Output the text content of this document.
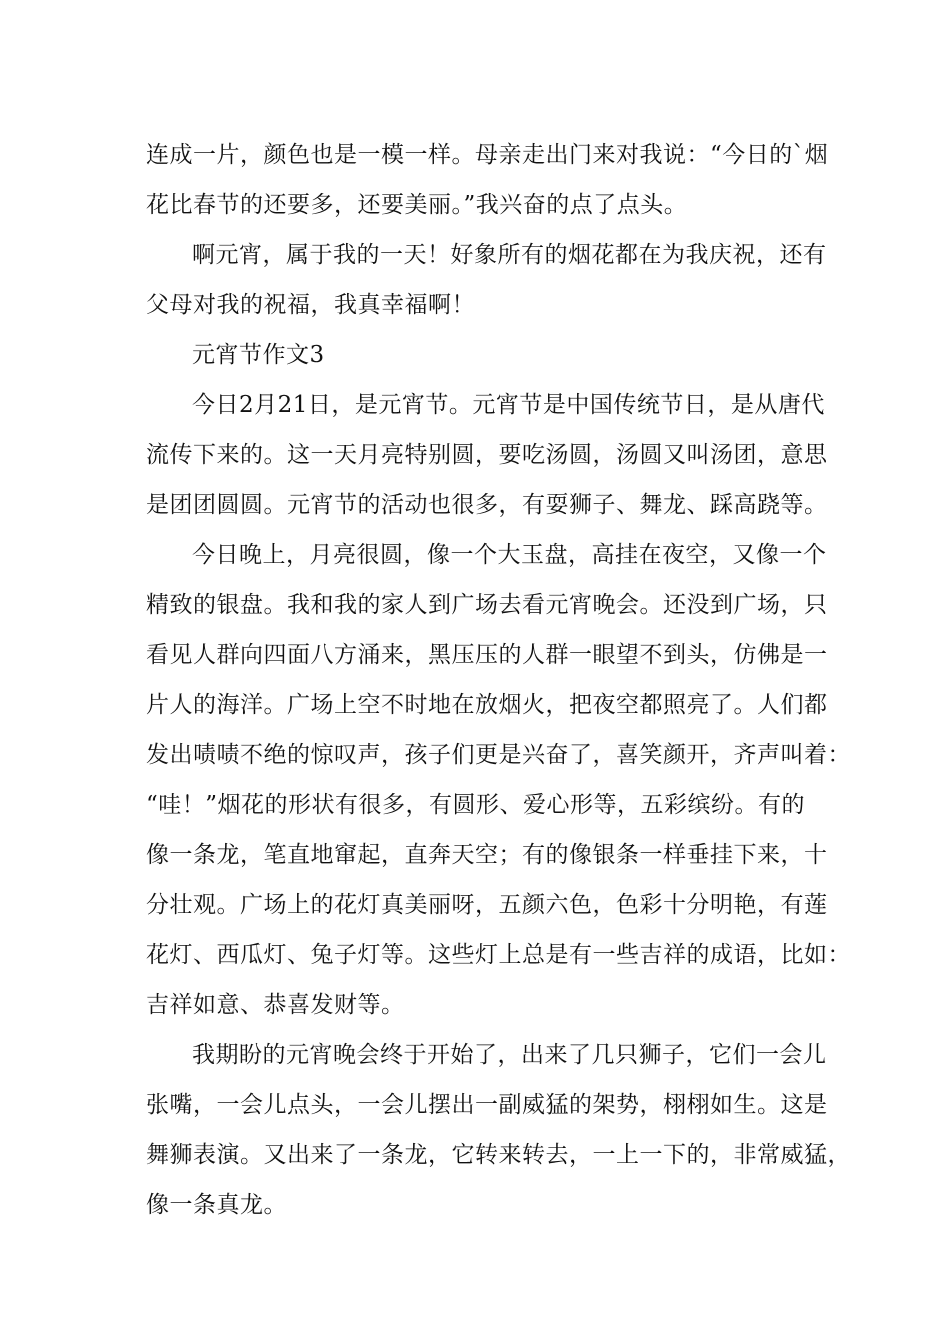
连成一片，颜色也是一模一样。母亲走出门来对我说：“今日的`烟
花比春节的还要多，还要美丽。”我兴奋的点了点头。

啊元宵，属于我的一天！好象所有的烟花都在为我庆祝，还有
父母对我的祝福，我真幸福啊！

元宵节作文3

今日2月21日，是元宵节。元宵节是中国传统节日，是从唐代
流传下来的。这一天月亮特别圆，要吃汤圆，汤圆又叫汤团，意思
是团团圆圆。元宵节的活动也很多，有耍狮子、舞龙、踩高跷等。

今日晚上，月亮很圆，像一个大玉盘，高挂在夜空，又像一个
精致的银盘。我和我的家人到广场去看元宵晚会。还没到广场，只
看见人群向四面八方涌来，黑压压的人群一眼望不到头，仿佛是一
片人的海洋。广场上空不时地在放烟火，把夜空都照亮了。人们都
发出啧啧不绝的惊叹声，孩子们更是兴奋了，喜笑颜开，齐声叫着：
“哇！”烟花的形状有很多，有圆形、爱心形等，五彩缤纷。有的
像一条龙，笔直地窜起，直奔天空；有的像银条一样垂挂下来，十
分壮观。广场上的花灯真美丽呀，五颜六色，色彩十分明艳，有莲
花灯、西瓜灯、兔子灯等。这些灯上总是有一些吉祥的成语，比如：
吉祥如意、恭喜发财等。

我期盼的元宵晚会终于开始了，出来了几只狮子，它们一会儿
张嘴，一会儿点头，一会儿摆出一副威猛的架势，栩栩如生。这是
舞狮表演。又出来了一条龙，它转来转去，一上一下的，非常威猛，
像一条真龙。
